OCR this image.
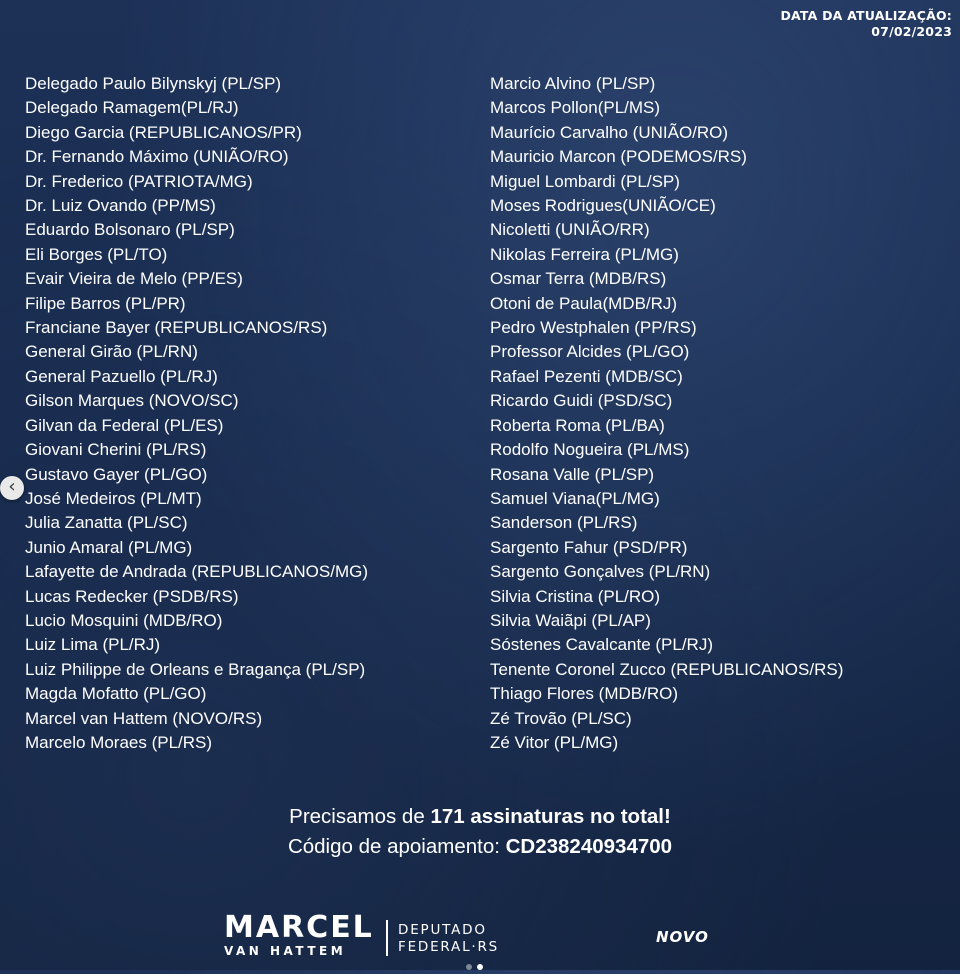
DATA DA ATUALIZAÇÃO:
07/02/2023
Delegado Paulo Bilynskyj (PL/SP)
Delegado Ramagem(PL/RJ)
Diego Garcia (REPUBLICANOS/PR)
Dr. Fernando Máximo (UNIÃO/RO)
Dr. Frederico (PATRIOTA/MG)
Dr. Luiz Ovando (PP/MS)
Eduardo Bolsonaro (PL/SP)
Eli Borges (PL/TO)
Evair Vieira de Melo (PP/ES)
Filipe Barros (PL/PR)
Franciane Bayer (REPUBLICANOS/RS)
General Girão (PL/RN)
General Pazuello (PL/RJ)
Gilson Marques (NOVO/SC)
Gilvan da Federal (PL/ES)
Giovani Cherini (PL/RS)
Gustavo Gayer (PL/GO)
José Medeiros (PL/MT)
Julia Zanatta (PL/SC)
Junio Amaral (PL/MG)
Lafayette de Andrada (REPUBLICANOS/MG)
Lucas Redecker (PSDB/RS)
Lucio Mosquini (MDB/RO)
Luiz Lima (PL/RJ)
Luiz Philippe de Orleans e Bragança (PL/SP)
Magda Mofatto (PL/GO)
Marcel van Hattem (NOVO/RS)
Marcelo Moraes (PL/RS)
Marcio Alvino (PL/SP)
Marcos Pollon(PL/MS)
Maurício Carvalho (UNIÃO/RO)
Mauricio Marcon (PODEMOS/RS)
Miguel Lombardi (PL/SP)
Moses Rodrigues(UNIÃO/CE)
Nicoletti (UNIÃO/RR)
Nikolas Ferreira (PL/MG)
Osmar Terra (MDB/RS)
Otoni de Paula(MDB/RJ)
Pedro Westphalen (PP/RS)
Professor Alcides (PL/GO)
Rafael Pezenti (MDB/SC)
Ricardo Guidi (PSD/SC)
Roberta Roma (PL/BA)
Rodolfo Nogueira (PL/MS)
Rosana Valle (PL/SP)
Samuel Viana(PL/MG)
Sanderson (PL/RS)
Sargento Fahur (PSD/PR)
Sargento Gonçalves (PL/RN)
Silvia Cristina (PL/RO)
Silvia Waiãpi (PL/AP)
Sóstenes Cavalcante (PL/RJ)
Tenente Coronel Zucco (REPUBLICANOS/RS)
Thiago Flores (MDB/RO)
Zé Trovão (PL/SC)
Zé Vitor (PL/MG)
‹
Precisamos de 171 assinaturas no total!
Código de apoiamento: CD238240934700
MARCEL
VAN HATTEM
DEPUTADO
FEDERAL·RS
NOVO
